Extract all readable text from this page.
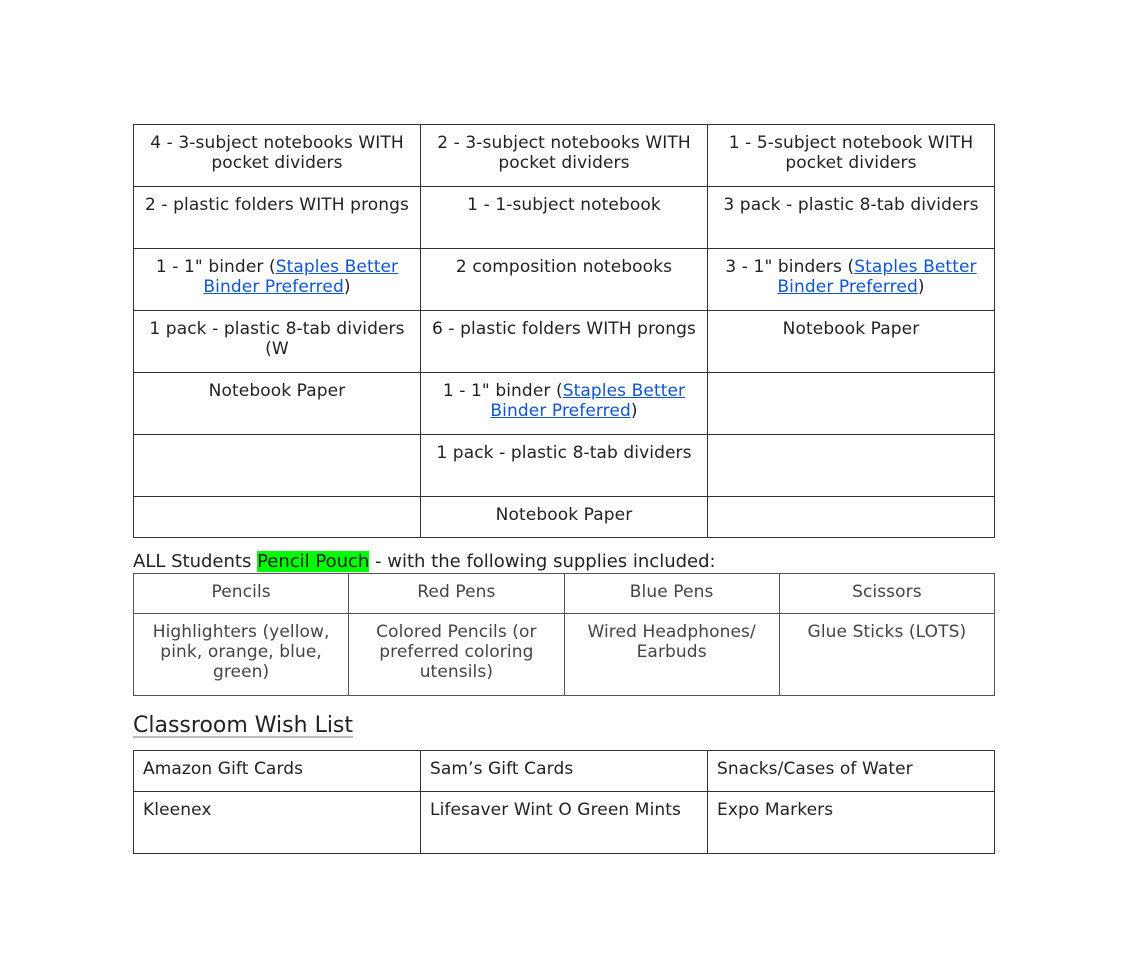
4 - 3-subject notebooks WITH pocket dividers	2 - 3-subject notebooks WITH pocket dividers	1 - 5-subject notebook WITH pocket dividers
2 - plastic folders WITH prongs	1 - 1-subject notebook	3 pack - plastic 8-tab dividers
1 - 1" binder (Staples Better Binder Preferred)	2 composition notebooks	3 - 1" binders (Staples Better Binder Preferred)
1 pack - plastic 8-tab dividers (W	6 - plastic folders WITH prongs	Notebook Paper
Notebook Paper	1 - 1" binder (Staples Better Binder Preferred)	
	1 pack - plastic 8-tab dividers	
	Notebook Paper	
ALL Students Pencil Pouch - with the following supplies included:
Pencils	Red Pens	Blue Pens	Scissors
Highlighters (yellow, pink, orange, blue, green)	Colored Pencils (or preferred coloring utensils)	Wired Headphones/ Earbuds	Glue Sticks (LOTS)
Classroom Wish List
Amazon Gift Cards	Sam’s Gift Cards	Snacks/Cases of Water
Kleenex	Lifesaver Wint O Green Mints	Expo Markers
